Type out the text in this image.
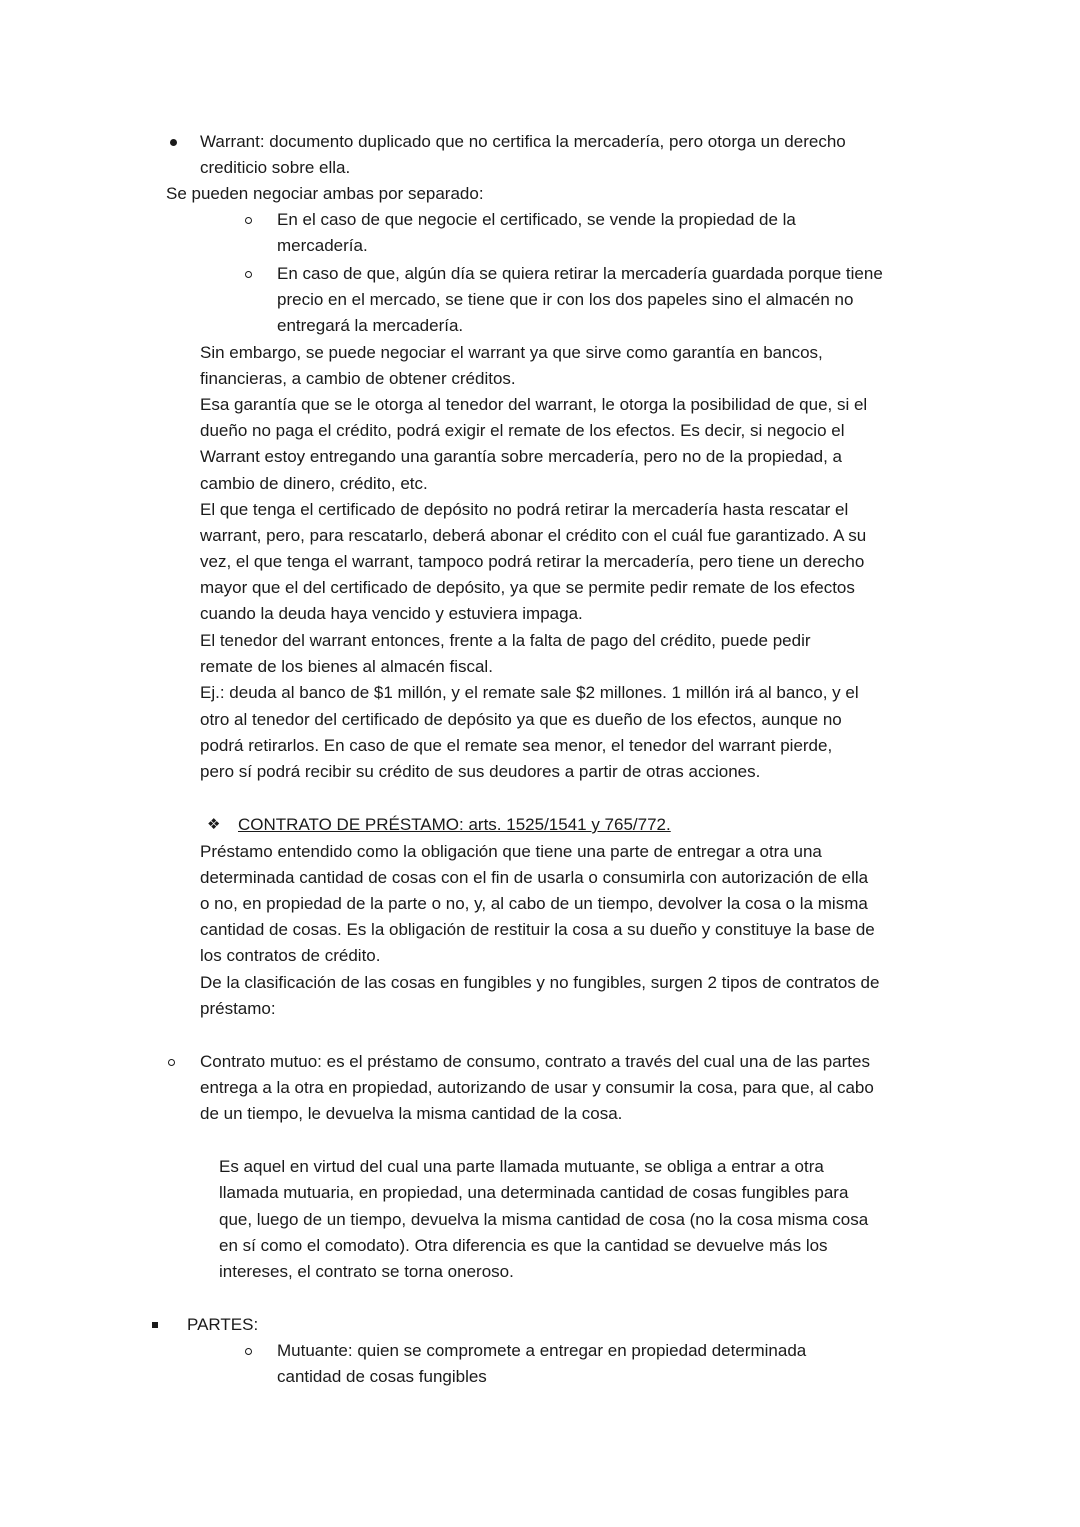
❖
Warrant: documento duplicado que no certifica la mercadería, pero otorga un derecho
crediticio sobre ella.
Se pueden negociar ambas por separado:
En el caso de que negocie el certificado, se vende la propiedad de la
mercadería.
En caso de que, algún día se quiera retirar la mercadería guardada porque tiene
precio en el mercado, se tiene que ir con los dos papeles sino el almacén no
entregará la mercadería.
Sin embargo, se puede negociar el warrant ya que sirve como garantía en bancos,
financieras, a cambio de obtener créditos.
Esa garantía que se le otorga al tenedor del warrant, le otorga la posibilidad de que, si el
dueño no paga el crédito, podrá exigir el remate de los efectos. Es decir, si negocio el
Warrant estoy entregando una garantía sobre mercadería, pero no de la propiedad, a
cambio de dinero, crédito, etc.
El que tenga el certificado de depósito no podrá retirar la mercadería hasta rescatar el
warrant, pero, para rescatarlo, deberá abonar el crédito con el cuál fue garantizado. A su
vez, el que tenga el warrant, tampoco podrá retirar la mercadería, pero tiene un derecho
mayor que el del certificado de depósito, ya que se permite pedir remate de los efectos
cuando la deuda haya vencido y estuviera impaga.
El tenedor del warrant entonces, frente a la falta de pago del crédito, puede pedir
remate de los bienes al almacén fiscal.
Ej.: deuda al banco de $1 millón, y el remate sale $2 millones. 1 millón irá al banco, y el
otro al tenedor del certificado de depósito ya que es dueño de los efectos, aunque no
podrá retirarlos. En caso de que el remate sea menor, el tenedor del warrant pierde,
pero sí podrá recibir su crédito de sus deudores a partir de otras acciones.
CONTRATO DE PRÉSTAMO: arts. 1525/1541 y 765/772.
Préstamo entendido como la obligación que tiene una parte de entregar a otra una
determinada cantidad de cosas con el fin de usarla o consumirla con autorización de ella
o no, en propiedad de la parte o no, y, al cabo de un tiempo, devolver la cosa o la misma
cantidad de cosas. Es la obligación de restituir la cosa a su dueño y constituye la base de
los contratos de crédito.
De la clasificación de las cosas en fungibles y no fungibles, surgen 2 tipos de contratos de
préstamo:
Contrato mutuo: es el préstamo de consumo, contrato a través del cual una de las partes
entrega a la otra en propiedad, autorizando de usar y consumir la cosa, para que, al cabo
de un tiempo, le devuelva la misma cantidad de la cosa.
Es aquel en virtud del cual una parte llamada mutuante, se obliga a entrar a otra
llamada mutuaria, en propiedad, una determinada cantidad de cosas fungibles para
que, luego de un tiempo, devuelva la misma cantidad de cosa (no la cosa misma cosa
en sí como el comodato). Otra diferencia es que la cantidad se devuelve más los
intereses, el contrato se torna oneroso.
PARTES:
Mutuante: quien se compromete a entregar en propiedad determinada
cantidad de cosas fungibles
